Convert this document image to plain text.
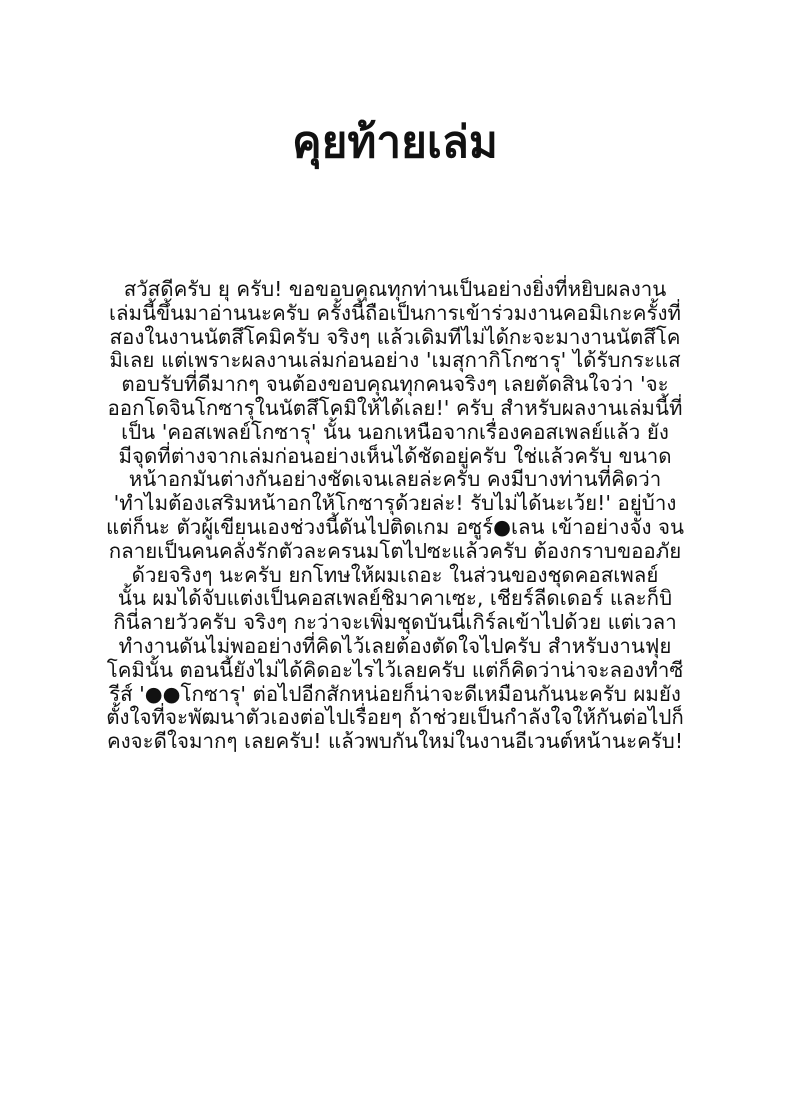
คุยท้ายเล่ม
สวัสดีครับ ยุ ครับ! ขอขอบคุณทุกท่านเป็นอย่างยิ่งที่หยิบผลงาน
เล่มนี้ขึ้นมาอ่านนะครับ ครั้งนี้ถือเป็นการเข้าร่วมงานคอมิเกะครั้งที่
สองในงานนัตสึโคมิครับ จริงๆ แล้วเดิมทีไม่ได้กะจะมางานนัตสึโค
มิเลย แต่เพราะผลงานเล่มก่อนอย่าง 'เมสุกากิโกซารุ' ได้รับกระแส
ตอบรับที่ดีมากๆ จนต้องขอบคุณทุกคนจริงๆ เลยตัดสินใจว่า 'จะ
ออกโดจินโกซารุในนัตสึโคมิให้ได้เลย!' ครับ สำหรับผลงานเล่มนี้ที่
เป็น 'คอสเพลย์โกซารุ' นั้น นอกเหนือจากเรื่องคอสเพลย์แล้ว ยัง
มีจุดที่ต่างจากเล่มก่อนอย่างเห็นได้ชัดอยู่ครับ ใช่แล้วครับ ขนาด
หน้าอกมันต่างกันอย่างชัดเจนเลยล่ะครับ คงมีบางท่านที่คิดว่า
'ทำไมต้องเสริมหน้าอกให้โกซารุด้วยล่ะ! รับไม่ได้นะเว้ย!' อยู่บ้าง
แต่ก็นะ ตัวผู้เขียนเองช่วงนี้ดันไปติดเกม อซูร์●เลน เข้าอย่างจัง จน
กลายเป็นคนคลั่งรักตัวละครนมโตไปซะแล้วครับ ต้องกราบขออภัย
ด้วยจริงๆ นะครับ ยกโทษให้ผมเถอะ ในส่วนของชุดคอสเพลย์
นั้น ผมได้จับแต่งเป็นคอสเพลย์ชิมาคาเซะ, เชียร์ลีดเดอร์ และก็บิ
กินี่ลายวัวครับ จริงๆ กะว่าจะเพิ่มชุดบันนี่เกิร์ลเข้าไปด้วย แต่เวลา
ทำงานดันไม่พออย่างที่คิดไว้เลยต้องตัดใจไปครับ สำหรับงานฟุย
โคมินั้น ตอนนี้ยังไม่ได้คิดอะไรไว้เลยครับ แต่ก็คิดว่าน่าจะลองทำซี
รีส์ '●●โกซารุ' ต่อไปอีกสักหน่อยก็น่าจะดีเหมือนกันนะครับ ผมยัง
ตั้งใจที่จะพัฒนาตัวเองต่อไปเรื่อยๆ ถ้าช่วยเป็นกำลังใจให้กันต่อไปก็
คงจะดีใจมากๆ เลยครับ! แล้วพบกันใหม่ในงานอีเวนต์หน้านะครับ!
